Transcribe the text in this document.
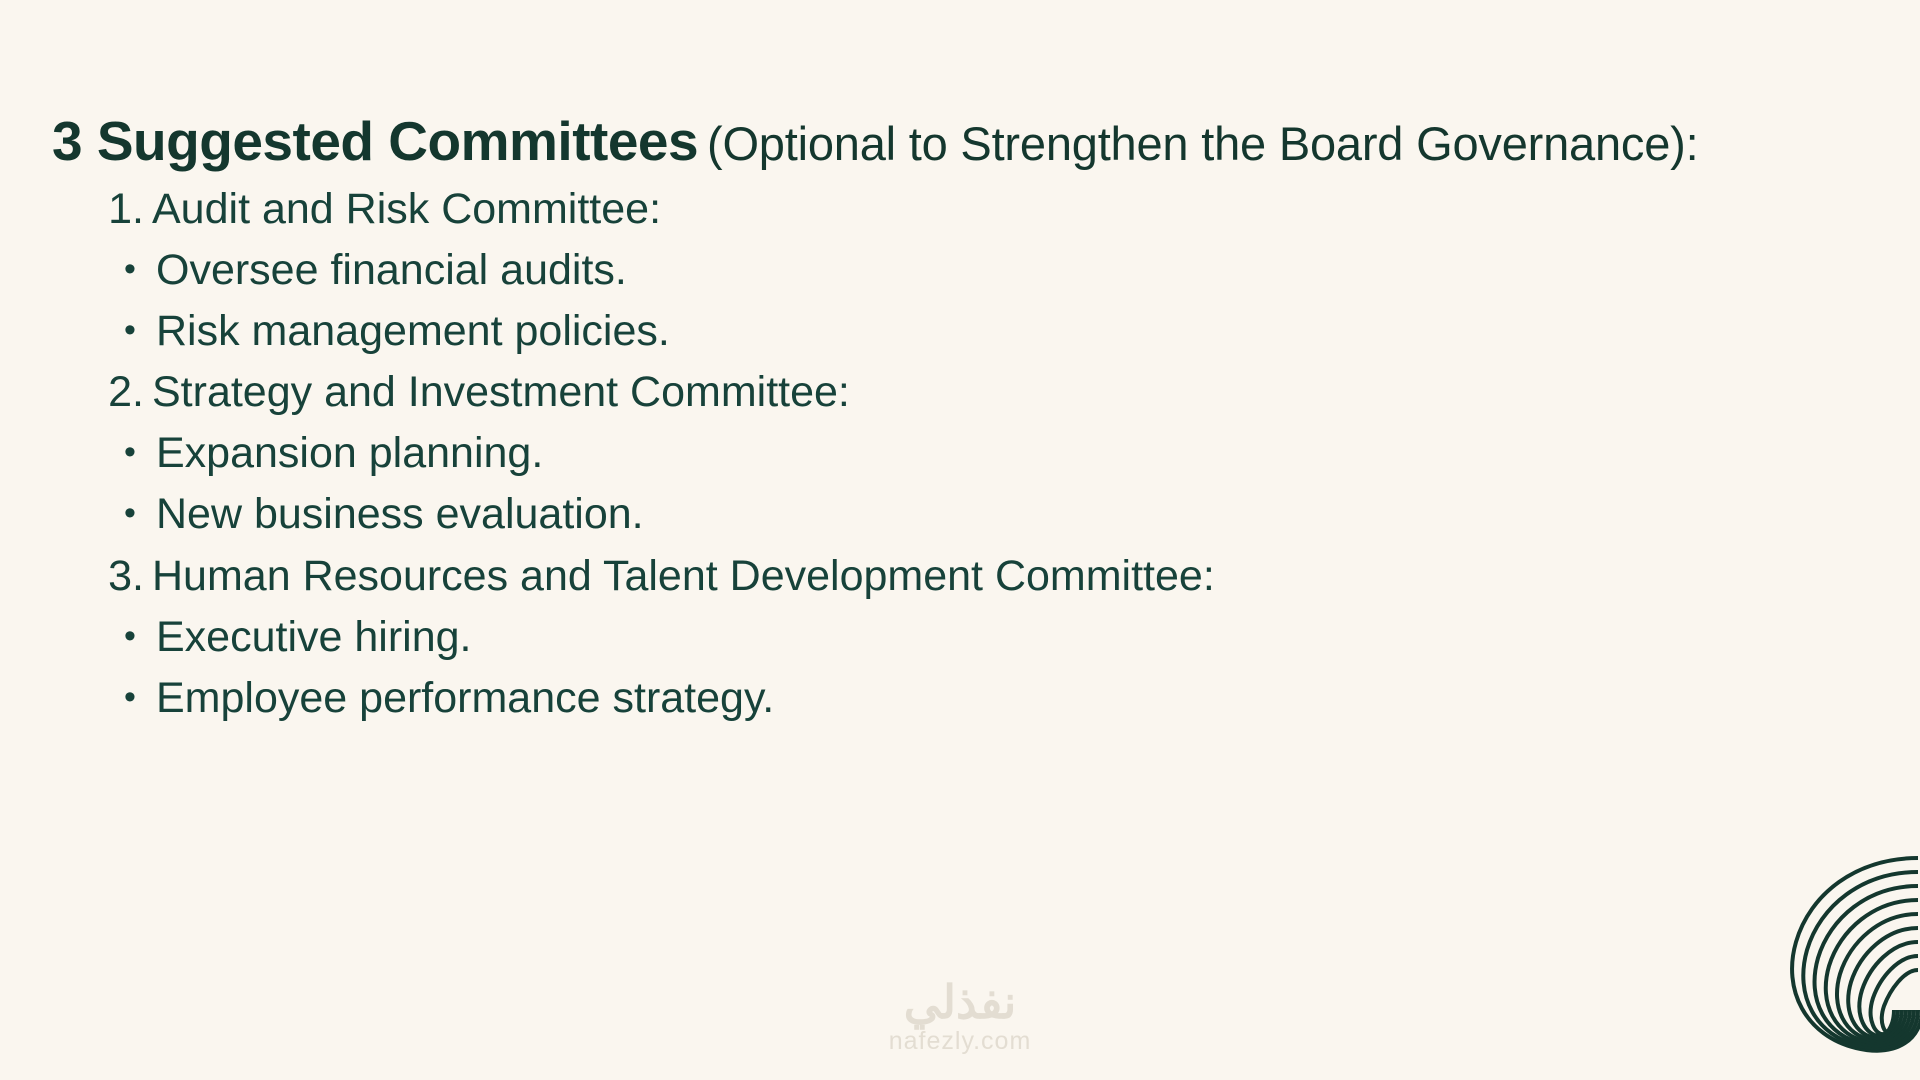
3 Suggested Committees (Optional to Strengthen the Board Governance):
1. Audit and Risk Committee:
• Oversee financial audits.
• Risk management policies.
2. Strategy and Investment Committee:
• Expansion planning.
• New business evaluation.
3. Human Resources and Talent Development Committee:
• Executive hiring.
• Employee performance strategy.
نفذلي
nafezly.com
